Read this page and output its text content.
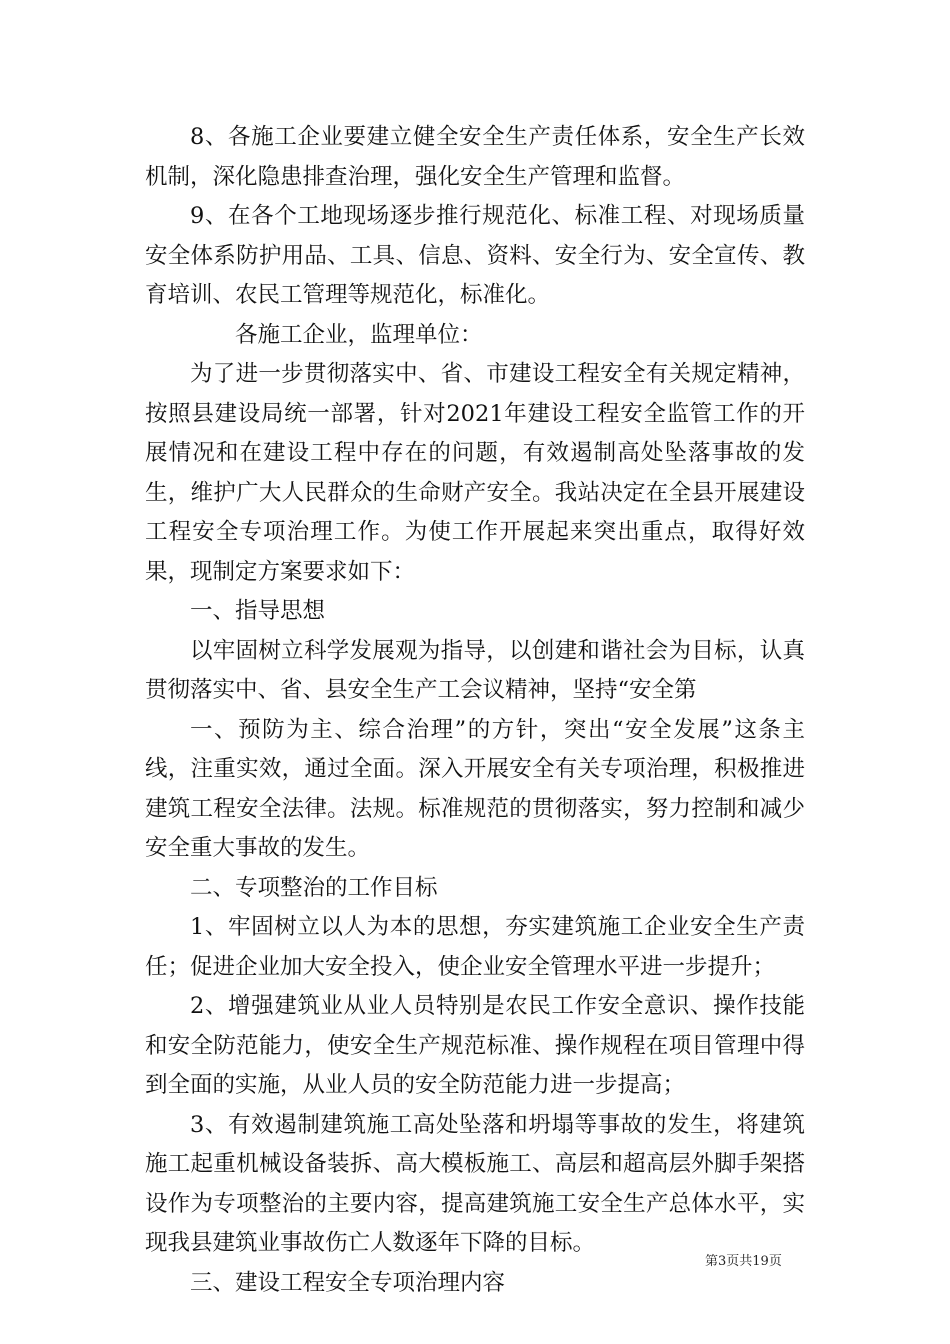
8、各施工企业要建立健全安全生产责任体系，安全生产长效机制，深化隐患排查治理，强化安全生产管理和监督。

9、在各个工地现场逐步推行规范化、标准工程、对现场质量安全体系防护用品、工具、信息、资料、安全行为、安全宣传、教育培训、农民工管理等规范化，标准化。

各施工企业，监理单位：

为了进一步贯彻落实中、省、市建设工程安全有关规定精神，按照县建设局统一部署，针对2021年建设工程安全监管工作的开展情况和在建设工程中存在的问题，有效遏制高处坠落事故的发生，维护广大人民群众的生命财产安全。我站决定在全县开展建设工程安全专项治理工作。为使工作开展起来突出重点，取得好效果，现制定方案要求如下：

一、指导思想

以牢固树立科学发展观为指导，以创建和谐社会为目标，认真贯彻落实中、省、县安全生产工会议精神，坚持“安全第

一、预防为主、综合治理”的方针，突出“安全发展”这条主线，注重实效，通过全面。深入开展安全有关专项治理，积极推进建筑工程安全法律。法规。标准规范的贯彻落实，努力控制和减少安全重大事故的发生。

二、专项整治的工作目标

1、牢固树立以人为本的思想，夯实建筑施工企业安全生产责任；促进企业加大安全投入，使企业安全管理水平进一步提升；

2、增强建筑业从业人员特别是农民工作安全意识、操作技能和安全防范能力，使安全生产规范标准、操作规程在项目管理中得到全面的实施，从业人员的安全防范能力进一步提高；

3、有效遏制建筑施工高处坠落和坍塌等事故的发生，将建筑施工起重机械设备装拆、高大模板施工、高层和超高层外脚手架搭设作为专项整治的主要内容，提高建筑施工安全生产总体水平，实现我县建筑业事故伤亡人数逐年下降的目标。

三、建设工程安全专项治理内容

第3页共19页
